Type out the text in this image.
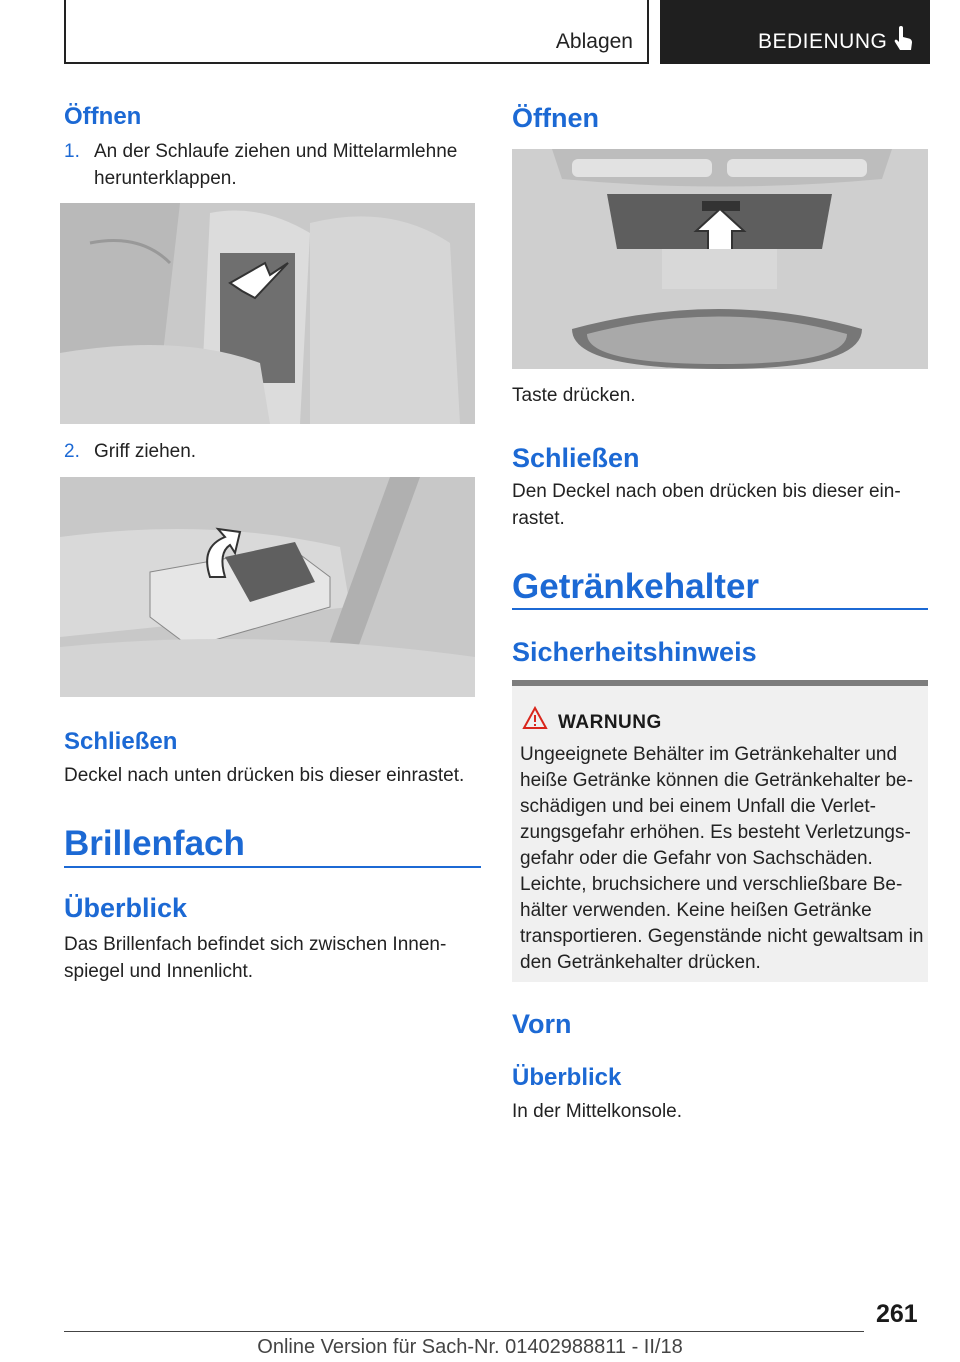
Ablagen	BEDIENUNG
Öffnen
1. An der Schlaufe ziehen und Mittelarmlehne herunterklappen.
2. Griff ziehen.
Schließen

Deckel nach unten drücken bis dieser einrastet.

Brillenfach
Überblick

Das Brillenfach befindet sich zwischen Innenspiegel und Innenlicht.

Öffnen

Taste drücken.

Schließen

Den Deckel nach oben drücken bis dieser einrastet.

Getränkehalter
Sicherheitshinweis
WARNUNG
Ungeeignete Behälter im Getränkehalter und heiße Getränke können die Getränkehalter beschädigen und bei einem Unfall die Verletzungsgefahr erhöhen. Es besteht Verletzungsgefahr oder die Gefahr von Sachschäden. Leichte, bruchsichere und verschließbare Behälter verwenden. Keine heißen Getränke transportieren. Gegenstände nicht gewaltsam in den Getränkehalter drücken.
Vorn
Überblick

In der Mittelkonsole.

261
Online Version für Sach-Nr. 01402988811 - II/18
